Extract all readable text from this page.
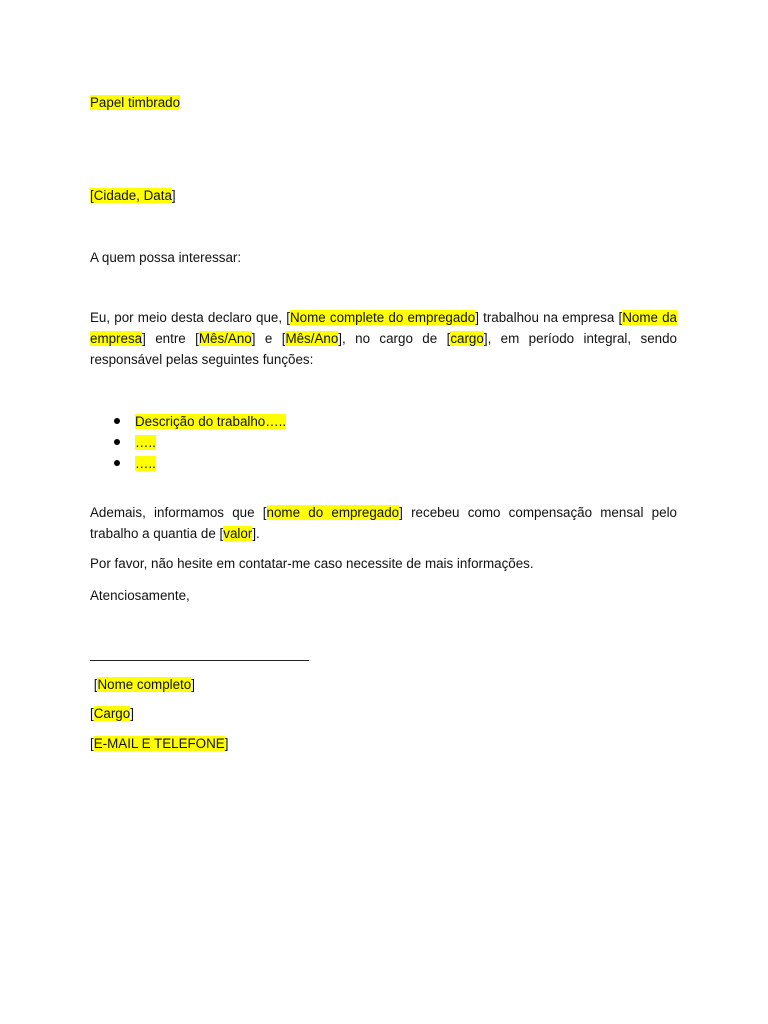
Papel timbrado
[Cidade, Data]
A quem possa interessar:
Eu, por meio desta declaro que, [Nome complete do empregado] trabalhou na empresa [Nome da empresa] entre [Mês/Ano] e [Mês/Ano], no cargo de [cargo], em período integral, sendo responsável pelas seguintes funções:
Descrição do trabalho…..
…..
…..
Ademais, informamos que [nome do empregado] recebeu como compensação mensal pelo trabalho a quantia de [valor].
Por favor, não hesite em contatar-me caso necessite de mais informações.
Atenciosamente,
[Nome completo]
[Cargo]
[E-MAIL E TELEFONE]
